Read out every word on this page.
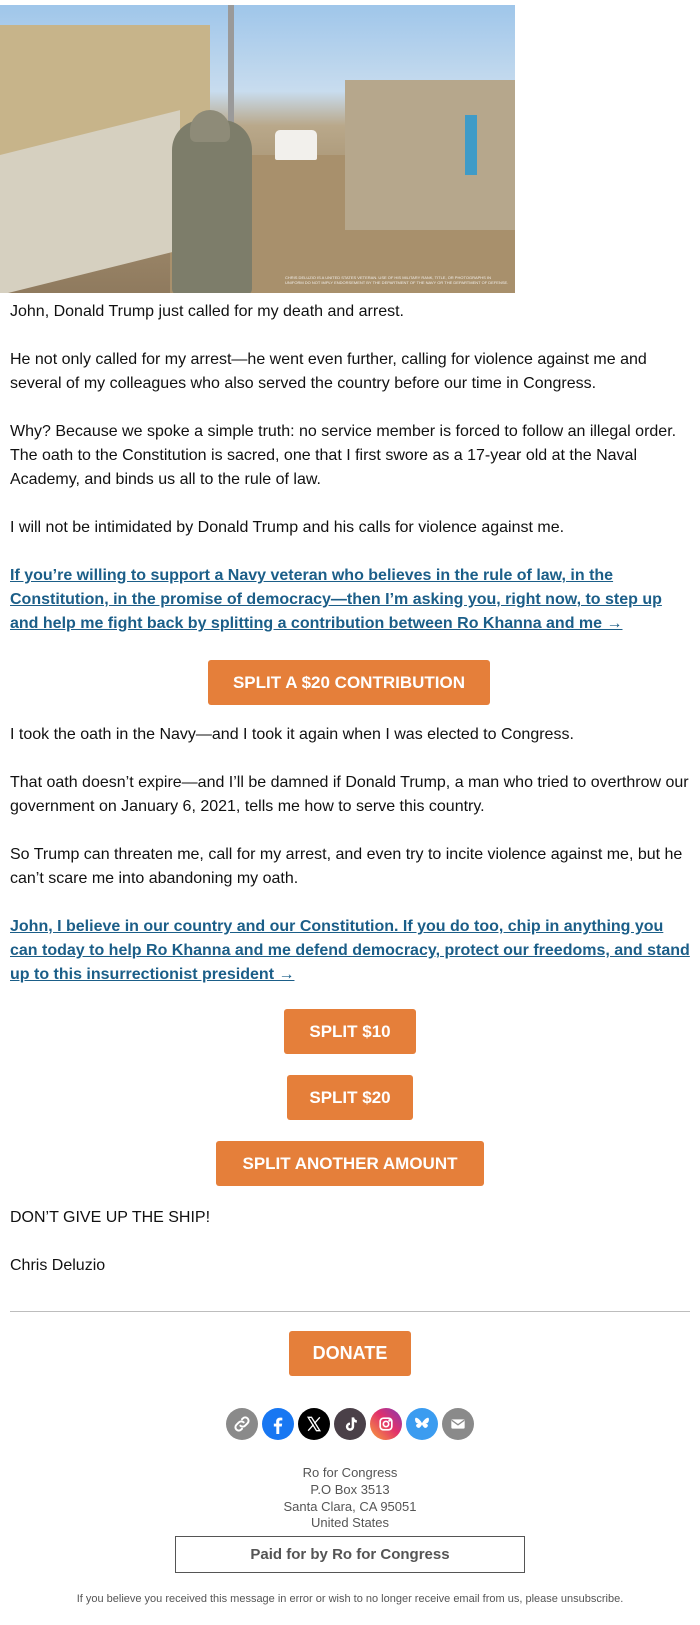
CHRIS DELUZIO IS A UNITED STATES VETERAN. USE OF HIS MILITARY RANK, TITLE, OR PHOTOGRAPHS IN UNIFORM DO NOT IMPLY ENDORSEMENT BY THE DEPARTMENT OF THE NAVY OR THE DEPARTMENT OF DEFENSE.

John, Donald Trump just called for my death and arrest.

He not only called for my arrest—he went even further, calling for violence against me and several of my colleagues who also served the country before our time in Congress.

Why? Because we spoke a simple truth: no service member is forced to follow an illegal order. The oath to the Constitution is sacred, one that I first swore as a 17-year old at the Naval Academy, and binds us all to the rule of law.

I will not be intimidated by Donald Trump and his calls for violence against me.

If you’re willing to support a Navy veteran who believes in the rule of law, in the Constitution, in the promise of democracy—then I’m asking you, right now, to step up and help me fight back by splitting a contribution between Ro Khanna and me →
SPLIT A $20 CONTRIBUTION

I took the oath in the Navy—and I took it again when I was elected to Congress.

That oath doesn’t expire—and I’ll be damned if Donald Trump, a man who tried to overthrow our government on January 6, 2021, tells me how to serve this country.

So Trump can threaten me, call for my arrest, and even try to incite violence against me, but he can’t scare me into abandoning my oath.

John, I believe in our country and our Constitution. If you do too, chip in anything you can today to help Ro Khanna and me defend democracy, protect our freedoms, and stand up to this insurrectionist president →
SPLIT $10
SPLIT $20
SPLIT ANOTHER AMOUNT

DON’T GIVE UP THE SHIP!

Chris Deluzio

DONATE
Ro for Congress
P.O Box 3513
Santa Clara, CA 95051
United States
Paid for by Ro for Congress
If you believe you received this message in error or wish to no longer receive email from us, please unsubscribe.
